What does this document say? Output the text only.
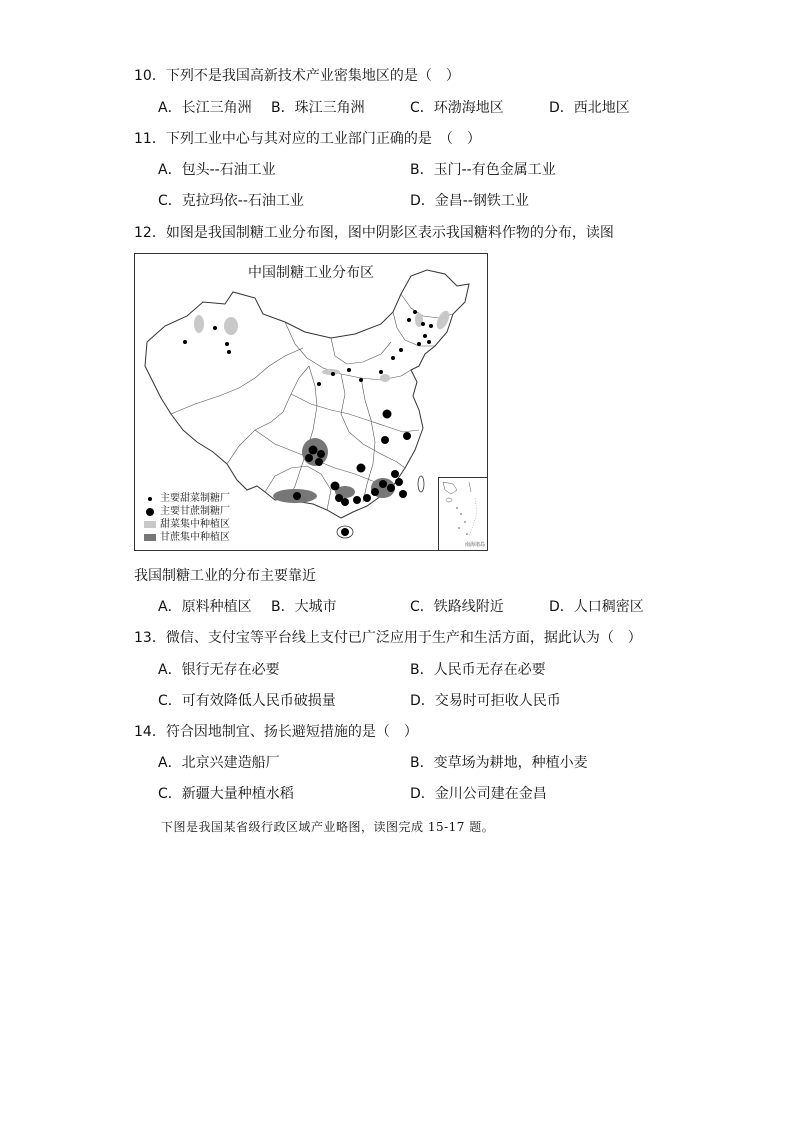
10．下列不是我国高新技术产业密集地区的是（　）
A．长江三角洲 B．珠江三角洲	C．环渤海地区	D．西北地区
11．下列工业中心与其对应的工业部门正确的是　（　）
A．包头--石油工业	B．玉门--有色金属工业
C．克拉玛依--石油工业	D．金昌--钢铁工业
12．如图是我国制糖工业分布图，图中阴影区表示我国糖料作物的分布，读图
中国制糖工业分布区
主要甜菜制糖厂
主要甘蔗制糖厂
甜菜集中种植区
甘蔗集中种植区
南海诸岛
我国制糖工业的分布主要靠近
A．原料种植区 B．大城市	C．铁路线附近	D．人口稠密区
13．微信、支付宝等平台线上支付已广泛应用于生产和生活方面，据此认为（　）
A．银行无存在必要	B．人民币无存在必要
C．可有效降低人民币破损量	D．交易时可拒收人民币
14．符合因地制宜、扬长避短措施的是（　）
A．北京兴建造船厂	B．变草场为耕地，种植小麦
C．新疆大量种植水稻	D．金川公司建在金昌
下图是我国某省级行政区域产业略图，读图完成 15-17 题。
